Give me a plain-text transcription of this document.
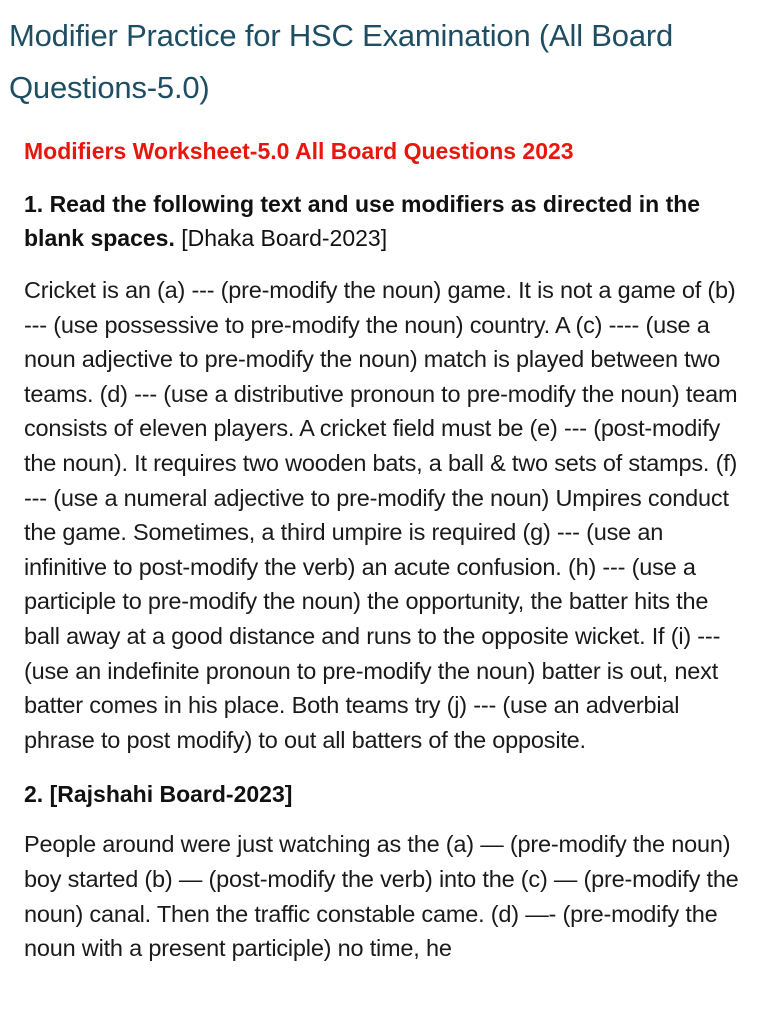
Modifier Practice for HSC Examination (All Board Questions-5.0)
Modifiers Worksheet-5.0 All Board Questions 2023

1. Read the following text and use modifiers as directed in the blank spaces. [Dhaka Board-2023]

Cricket is an (a) --- (pre-modify the noun) game. It is not a game of (b) --- (use possessive to pre-modify the noun) country. A (c) ---- (use a noun adjective to pre-modify the noun) match is played between two teams. (d) --- (use a distributive pronoun to pre-modify the noun) team consists of eleven players. A cricket field must be (e) --- (post-modify the noun). It requires two wooden bats, a ball & two sets of stamps. (f) --- (use a numeral adjective to pre-modify the noun) Umpires conduct the game. Sometimes, a third umpire is required (g) --- (use an infinitive to post-modify the verb) an acute confusion. (h) --- (use a participle to pre-modify the noun) the opportunity, the batter hits the ball away at a good distance and runs to the opposite wicket. If (i) --- (use an indefinite pronoun to pre-modify the noun) batter is out, next batter comes in his place. Both teams try (j) --- (use an adverbial phrase to post modify) to out all batters of the opposite.

2. [Rajshahi Board-2023]

People around were just watching as the (a) — (pre-modify the noun) boy started (b) — (post-modify the verb) into the (c) — (pre-modify the noun) canal. Then the traffic constable came. (d) —- (pre-modify the noun with a present participle) no time, he
